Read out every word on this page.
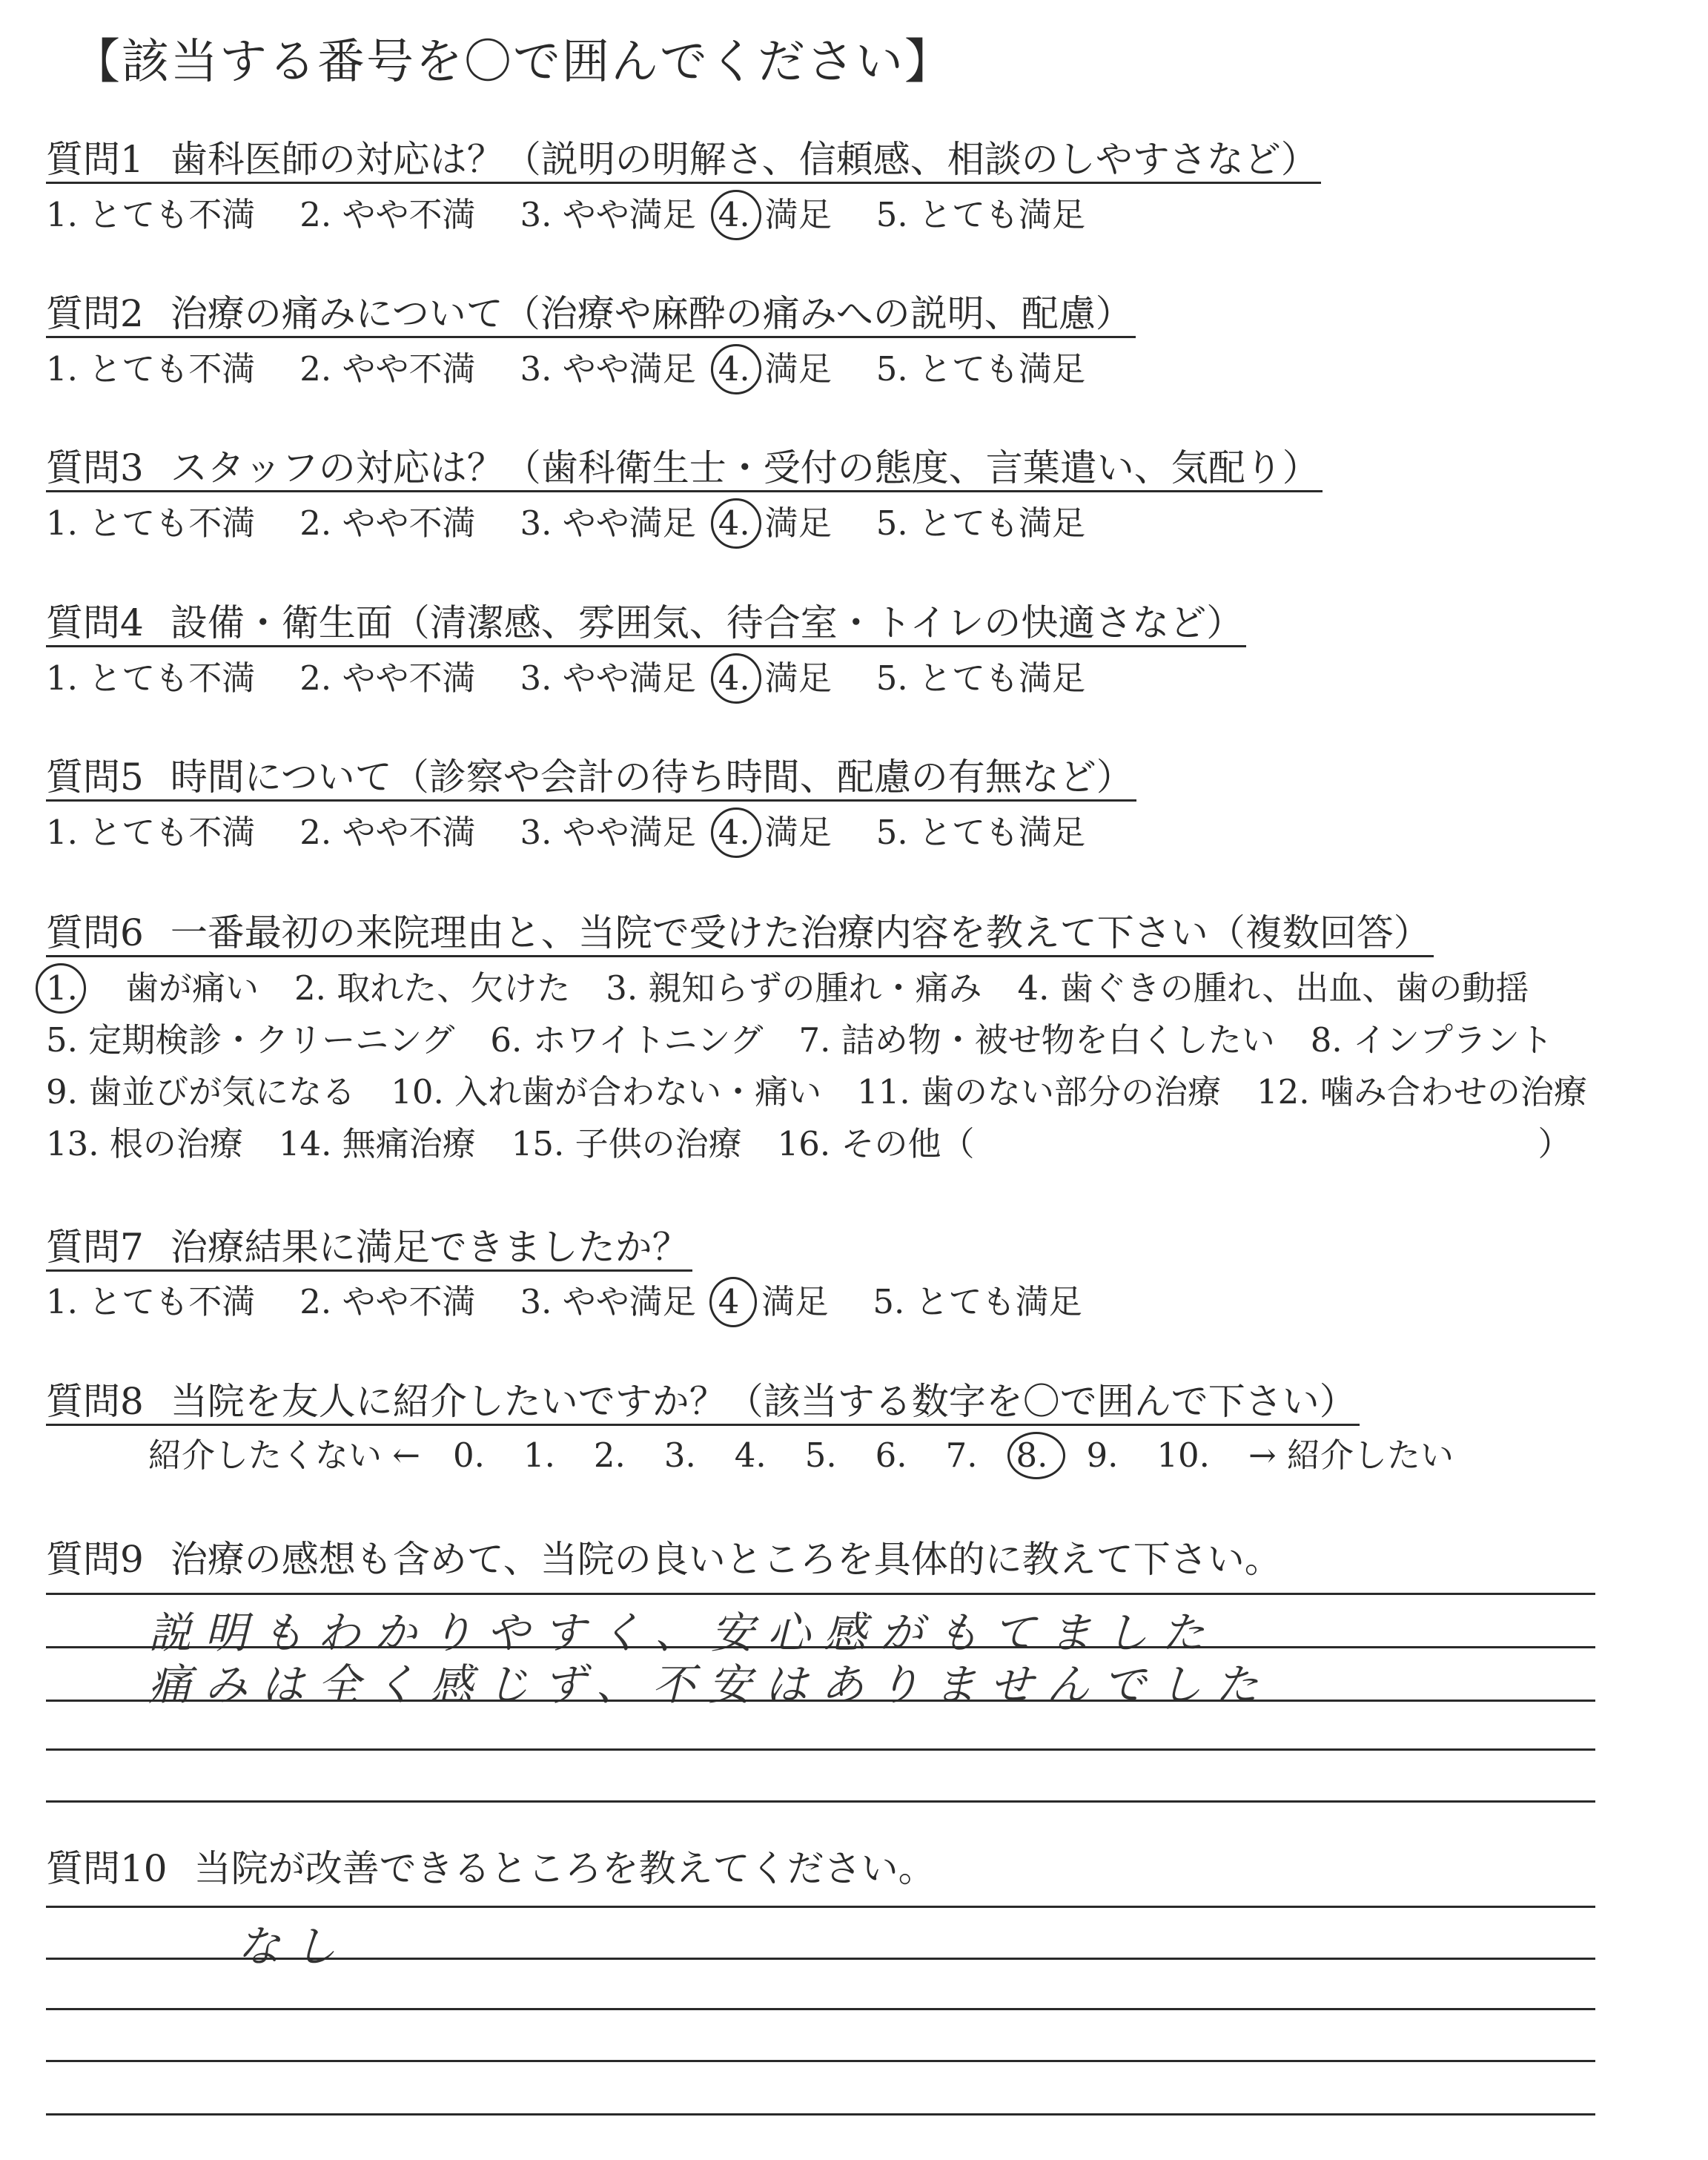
【該当する番号を〇で囲んでください】
質問1 歯科医師の対応は？（説明の明解さ、信頼感、相談のしやすさなど）
1. とても不満 2. やや不満 3. やや満足 4. 満足 5. とても満足
質問2 治療の痛みについて（治療や麻酔の痛みへの説明、配慮）
1. とても不満 2. やや不満 3. やや満足 4. 満足 5. とても満足
質問3 スタッフの対応は？（歯科衛生士・受付の態度、言葉遣い、気配り）
1. とても不満 2. やや不満 3. やや満足 4. 満足 5. とても満足
質問4 設備・衛生面（清潔感、雰囲気、待合室・トイレの快適さなど）
1. とても不満 2. やや不満 3. やや満足 4. 満足 5. とても満足
質問5 時間について（診察や会計の待ち時間、配慮の有無など）
1. とても不満 2. やや不満 3. やや満足 4. 満足 5. とても満足
質問6 一番最初の来院理由と、当院で受けた治療内容を教えて下さい（複数回答）
1. 歯が痛い 2. 取れた、欠けた 3. 親知らずの腫れ・痛み 4. 歯ぐきの腫れ、出血、歯の動揺
5. 定期検診・クリーニング 6. ホワイトニング 7. 詰め物・被せ物を白くしたい 8. インプラント
9. 歯並びが気になる 10. 入れ歯が合わない・痛い 11. 歯のない部分の治療 12. 噛み合わせの治療
13. 根の治療 14. 無痛治療 15. 子供の治療 16. その他（	）
質問7 治療結果に満足できましたか？
1. とても不満 2. やや不満 3. やや満足 4 満足 5. とても満足
質問8 当院を友人に紹介したいですか？（該当する数字を〇で囲んで下さい）
紹介したくない ← 0. 1. 2. 3. 4. 5. 6. 7. 8. 9. 10. → 紹介したい
質問9 治療の感想も含めて、当院の良いところを具体的に教えて下さい。
説明もわかりやすく、安心感がもてました
痛みは全く感じず、不安はありませんでした
質問10 当院が改善できるところを教えてください。
なし
